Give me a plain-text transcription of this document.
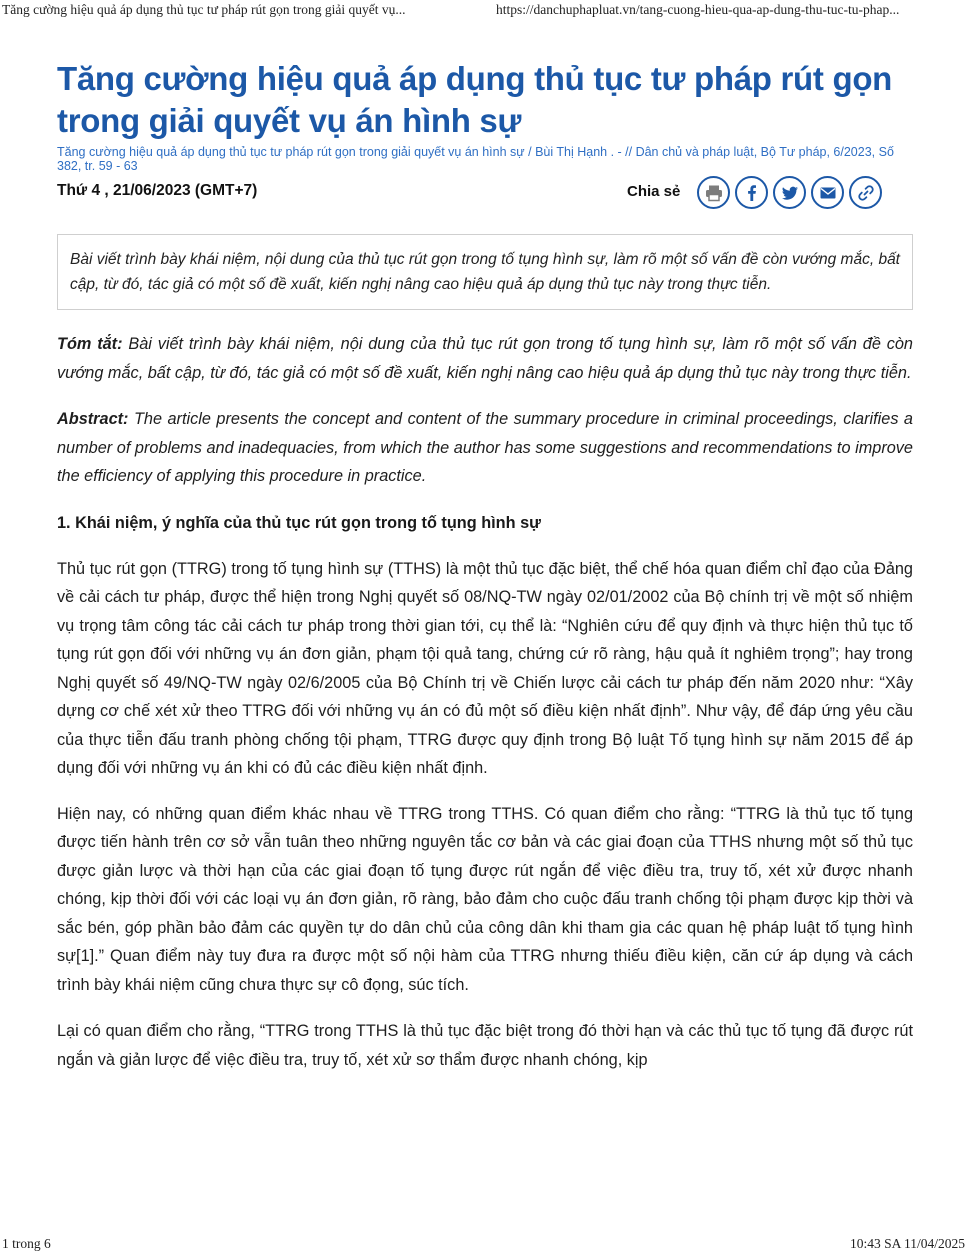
Tăng cường hiệu quả áp dụng thủ tục tư pháp rút gọn trong giải quyết vụ...	https://danchuphapluat.vn/tang-cuong-hieu-qua-ap-dung-thu-tuc-tu-phap...
Tăng cường hiệu quả áp dụng thủ tục tư pháp rút gọn trong giải quyết vụ án hình sự

Tăng cường hiệu quả áp dụng thủ tục tư pháp rút gọn trong giải quyết vụ án hình sự / Bùi Thị Hạnh . - // Dân chủ và pháp luật, Bộ Tư pháp, 6/2023, Số 382, tr. 59 - 63

Thứ 4 , 21/06/2023 (GMT+7)	Chia sẻ
Bài viết trình bày khái niệm, nội dung của thủ tục rút gọn trong tố tụng hình sự, làm rõ một số vấn đề còn vướng mắc, bất cập, từ đó, tác giả có một số đề xuất, kiến nghị nâng cao hiệu quả áp dụng thủ tục này trong thực tiễn.

Tóm tắt: Bài viết trình bày khái niệm, nội dung của thủ tục rút gọn trong tố tụng hình sự, làm rõ một số vấn đề còn vướng mắc, bất cập, từ đó, tác giả có một số đề xuất, kiến nghị nâng cao hiệu quả áp dụng thủ tục này trong thực tiễn.

Abstract: The article presents the concept and content of the summary procedure in criminal proceedings, clarifies a number of problems and inadequacies, from which the author has some suggestions and recommendations to improve the efficiency of applying this procedure in practice.

1. Khái niệm, ý nghĩa của thủ tục rút gọn trong tố tụng hình sự

Thủ tục rút gọn (TTRG) trong tố tụng hình sự (TTHS) là một thủ tục đặc biệt, thể chế hóa quan điểm chỉ đạo của Đảng về cải cách tư pháp, được thể hiện trong Nghị quyết số 08/NQ-TW ngày 02/01/2002 của Bộ chính trị về một số nhiệm vụ trọng tâm công tác cải cách tư pháp trong thời gian tới, cụ thể là: “Nghiên cứu để quy định và thực hiện thủ tục tố tụng rút gọn đối với những vụ án đơn giản, phạm tội quả tang, chứng cứ rõ ràng, hậu quả ít nghiêm trọng”; hay trong Nghị quyết số 49/NQ-TW ngày 02/6/2005 của Bộ Chính trị về Chiến lược cải cách tư pháp đến năm 2020 như: “Xây dựng cơ chế xét xử theo TTRG đối với những vụ án có đủ một số điều kiện nhất định”. Như vậy, để đáp ứng yêu cầu của thực tiễn đấu tranh phòng chống tội phạm, TTRG được quy định trong Bộ luật Tố tụng hình sự năm 2015 để áp dụng đối với những vụ án khi có đủ các điều kiện nhất định.

Hiện nay, có những quan điểm khác nhau về TTRG trong TTHS. Có quan điểm cho rằng: “TTRG là thủ tục tố tụng được tiến hành trên cơ sở vẫn tuân theo những nguyên tắc cơ bản và các giai đoạn của TTHS nhưng một số thủ tục được giản lược và thời hạn của các giai đoạn tố tụng được rút ngắn để việc điều tra, truy tố, xét xử được nhanh chóng, kịp thời đối với các loại vụ án đơn giản, rõ ràng, bảo đảm cho cuộc đấu tranh chống tội phạm được kịp thời và sắc bén, góp phần bảo đảm các quyền tự do dân chủ của công dân khi tham gia các quan hệ pháp luật tố tụng hình sự[1].” Quan điểm này tuy đưa ra được một số nội hàm của TTRG nhưng thiếu điều kiện, căn cứ áp dụng và cách trình bày khái niệm cũng chưa thực sự cô đọng, súc tích.

Lại có quan điểm cho rằng, “TTRG trong TTHS là thủ tục đặc biệt trong đó thời hạn và các thủ tục tố tụng đã được rút ngắn và giản lược để việc điều tra, truy tố, xét xử sơ thẩm được nhanh chóng, kịp

1 trong 6	10:43 SA 11/04/2025
